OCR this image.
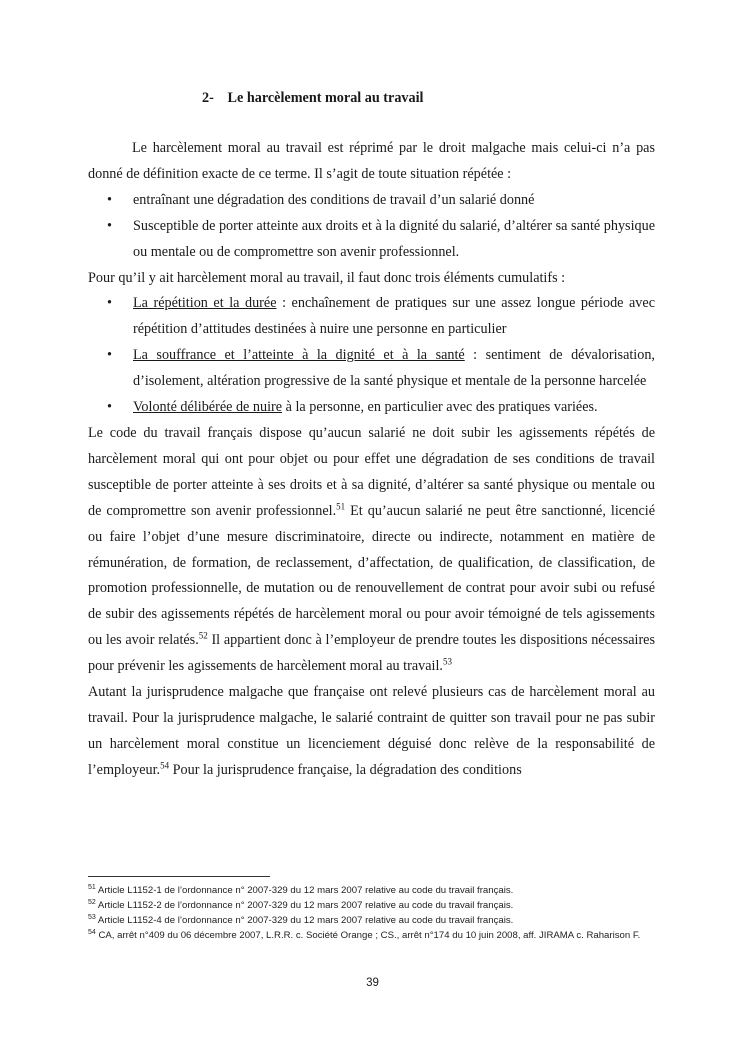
2- Le harcèlement moral au travail

Le harcèlement moral au travail est réprimé par le droit malgache mais celui-ci n’a pas donné de définition exacte de ce terme. Il s’agit de toute situation répétée :

• entraînant une dégradation des conditions de travail d’un salarié donné
• Susceptible de porter atteinte aux droits et à la dignité du salarié, d’altérer sa santé physique ou mentale ou de compromettre son avenir professionnel.

Pour qu’il y ait harcèlement moral au travail, il faut donc trois éléments cumulatifs :

• La répétition et la durée : enchaînement de pratiques sur une assez longue période avec répétition d’attitudes destinées à nuire une personne en particulier
• La souffrance et l’atteinte à la dignité et à la santé : sentiment de dévalorisation, d’isolement, altération progressive de la santé physique et mentale de la personne harcelée
• Volonté délibérée de nuire à la personne, en particulier avec des pratiques variées.

Le code du travail français dispose qu’aucun salarié ne doit subir les agissements répétés de harcèlement moral qui ont pour objet ou pour effet une dégradation de ses conditions de travail susceptible de porter atteinte à ses droits et à sa dignité, d’altérer sa santé physique ou mentale ou de compromettre son avenir professionnel.$^{51}$ Et qu’aucun salarié ne peut être sanctionné, licencié ou faire l’objet d’une mesure discriminatoire, directe ou indirecte, notamment en matière de rémunération, de formation, de reclassement, d’affectation, de qualification, de classification, de promotion professionnelle, de mutation ou de renouvellement de contrat pour avoir subi ou refusé de subir des agissements répétés de harcèlement moral ou pour avoir témoigné de tels agissements ou les avoir relatés.$^{52}$ Il appartient donc à l’employeur de prendre toutes les dispositions nécessaires pour prévenir les agissements de harcèlement moral au travail.$^{53}$

Autant la jurisprudence malgache que française ont relevé plusieurs cas de harcèlement moral au travail. Pour la jurisprudence malgache, le salarié contraint de quitter son travail pour ne pas subir un harcèlement moral constitue un licenciement déguisé donc relève de la responsabilité de l’employeur.$^{54}$ Pour la jurisprudence française, la dégradation des conditions

$^{51}$ Article L1152-1 de l’ordonnance n° 2007-329 du 12 mars 2007 relative au code du travail français.

$^{52}$ Article L1152-2 de l’ordonnance n° 2007-329 du 12 mars 2007 relative au code du travail français.

$^{53}$ Article L1152-4 de l’ordonnance n° 2007-329 du 12 mars 2007 relative au code du travail français.

$^{54}$ CA, arrêt n°409 du 06 décembre 2007, L.R.R. c. Société Orange ; CS., arrêt n°174 du 10 juin 2008, aff. JIRAMA c. Raharison F.

39
